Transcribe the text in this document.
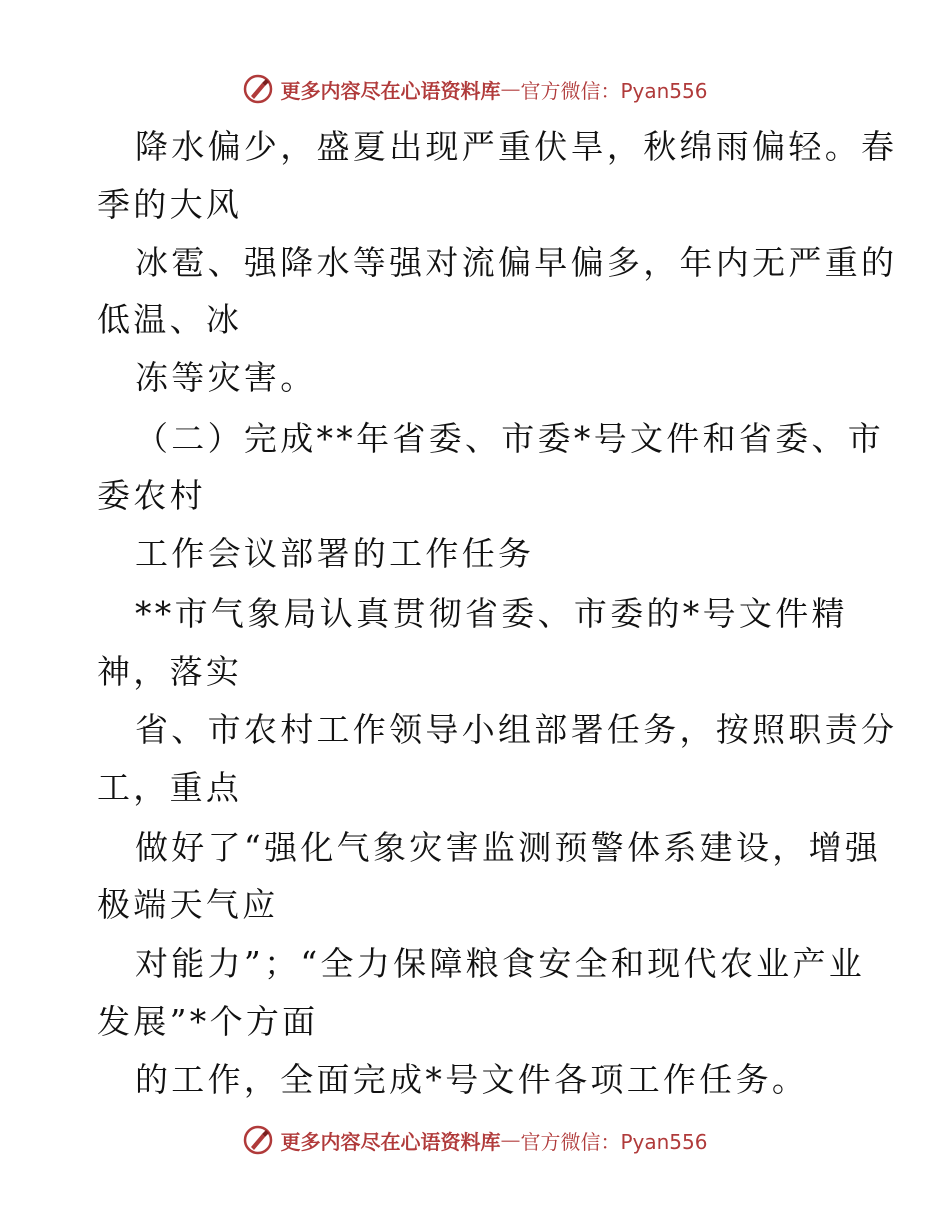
更多内容尽在心语资料库 — 官方微信：Pyan556
降水偏少，盛夏出现严重伏旱，秋绵雨偏轻。春
季的大风
冰雹、强降水等强对流偏早偏多，年内无严重的
低温、冰
冻等灾害。
（二）完成**年省委、市委*号文件和省委、市
委农村
工作会议部署的工作任务
**市气象局认真贯彻省委、市委的*号文件精
神，落实
省、市农村工作领导小组部署任务，按照职责分
工，重点
做好了“强化气象灾害监测预警体系建设，增强
极端天气应
对能力”；“全力保障粮食安全和现代农业产业
发展”*个方面
的工作，全面完成*号文件各项工作任务。
更多内容尽在心语资料库 — 官方微信：Pyan556
